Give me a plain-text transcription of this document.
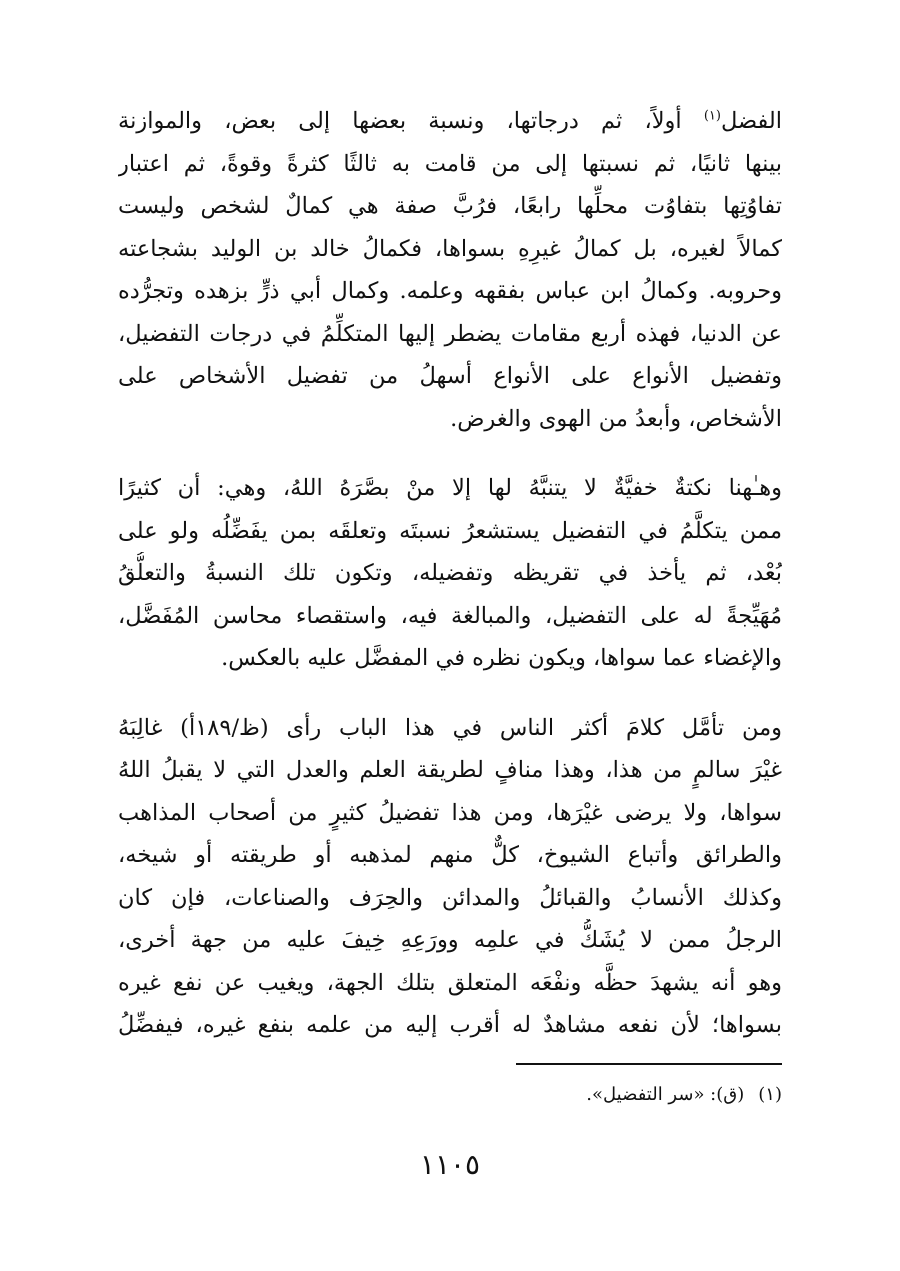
الفضل$^{(١)}$ أولاً، ثم درجاتها، ونسبة بعضها إلى بعض، والموازنة
بينها ثانيًا، ثم نسبتها إلى من قامت به ثالثًا كثرةً وقوةً، ثم اعتبار
تفاوُتِها بتفاوُت محلِّها رابعًا، فرُبَّ صفة هي كمالٌ لشخص وليست
كمالاً لغيره، بل كمالُ غيرِهِ بسواها، فكمالُ خالد بن الوليد بشجاعته
وحروبه. وكمالُ ابن عباس بفقهه وعلمه. وكمال أبي ذرٍّ بزهده وتجرُّده
عن الدنيا، فهذه أربع مقامات يضطر إليها المتكلِّمُ في درجات التفضيل،
وتفضيل الأنواع على الأنواع أسهلُ من تفضيل الأشخاص على
الأشخاص، وأبعدُ من الهوى والغرض.
وهـٰهنا نكتةٌ خفيَّةٌ لا يتنبَّهُ لها إلا منْ بصَّرَهُ اللهُ، وهي: أن كثيرًا
ممن يتكلَّمُ في التفضيل يستشعرُ نسبتَه وتعلقَه بمن يفَضِّلُه ولو على
بُعْد، ثم يأخذ في تقريظه وتفضيله، وتكون تلك النسبةُ والتعلُّقُ
مُهَيِّجةً له على التفضيل، والمبالغة فيه، واستقصاء محاسن المُفَضَّل،
والإغضاء عما سواها، ويكون نظره في المفضَّل عليه بالعكس.
ومن تأمَّل كلامَ أكثر الناس في هذا الباب رأى (ظ/١٨٩أ) غالِبَهُ
غيْرَ سالمٍ من هذا، وهذا منافٍ لطريقة العلم والعدل التي لا يقبلُ اللهُ
سواها، ولا يرضى غيْرَها، ومن هذا تفضيلُ كثيرٍ من أصحاب المذاهب
والطرائق وأتباع الشيوخ، كلٌّ منهم لمذهبه أو طريقته أو شيخه،
وكذلك الأنسابُ والقبائلُ والمدائن والحِرَف والصناعات، فإن كان
الرجلُ ممن لا يُشَكُّ في علمِه وورَعِهِ خِيفَ عليه من جهة أخرى،
وهو أنه يشهدَ حظَّه ونفْعَه المتعلق بتلك الجهة، ويغيب عن نفع غيره
بسواها؛ لأن نفعه مشاهدٌ له أقرب إليه من علمه بنفع غيره، فيفضِّلُ
(١)(ق): «سر التفضيل».
١١٠٥
